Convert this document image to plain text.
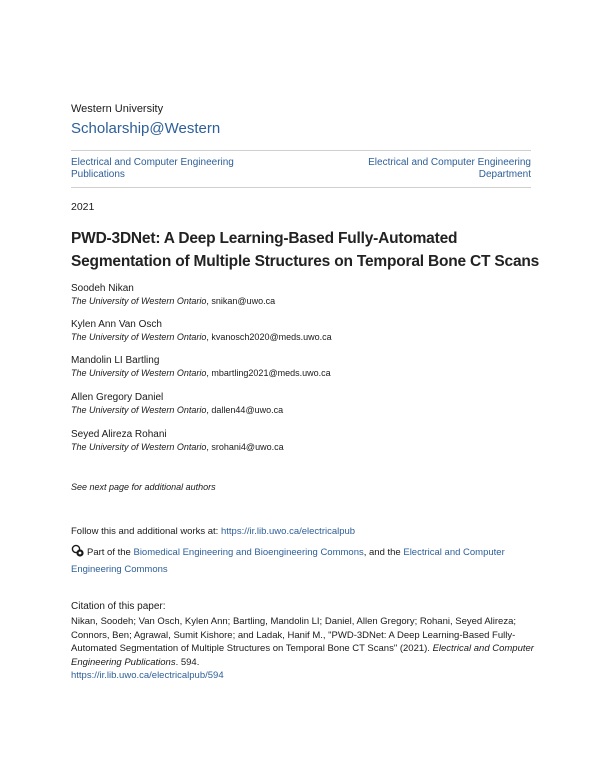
Western University
Scholarship@Western
Electrical and Computer Engineering Publications
Electrical and Computer Engineering Department
2021
PWD-3DNet: A Deep Learning-Based Fully-Automated Segmentation of Multiple Structures on Temporal Bone CT Scans
Soodeh Nikan
The University of Western Ontario, snikan@uwo.ca
Kylen Ann Van Osch
The University of Western Ontario, kvanosch2020@meds.uwo.ca
Mandolin LI Bartling
The University of Western Ontario, mbartling2021@meds.uwo.ca
Allen Gregory Daniel
The University of Western Ontario, dallen44@uwo.ca
Seyed Alireza Rohani
The University of Western Ontario, srohani4@uwo.ca
See next page for additional authors
Follow this and additional works at: https://ir.lib.uwo.ca/electricalpub
Part of the Biomedical Engineering and Bioengineering Commons, and the Electrical and Computer Engineering Commons
Citation of this paper:
Nikan, Soodeh; Van Osch, Kylen Ann; Bartling, Mandolin LI; Daniel, Allen Gregory; Rohani, Seyed Alireza; Connors, Ben; Agrawal, Sumit Kishore; and Ladak, Hanif M., "PWD-3DNet: A Deep Learning-Based Fully-Automated Segmentation of Multiple Structures on Temporal Bone CT Scans" (2021). Electrical and Computer Engineering Publications. 594.
https://ir.lib.uwo.ca/electricalpub/594
